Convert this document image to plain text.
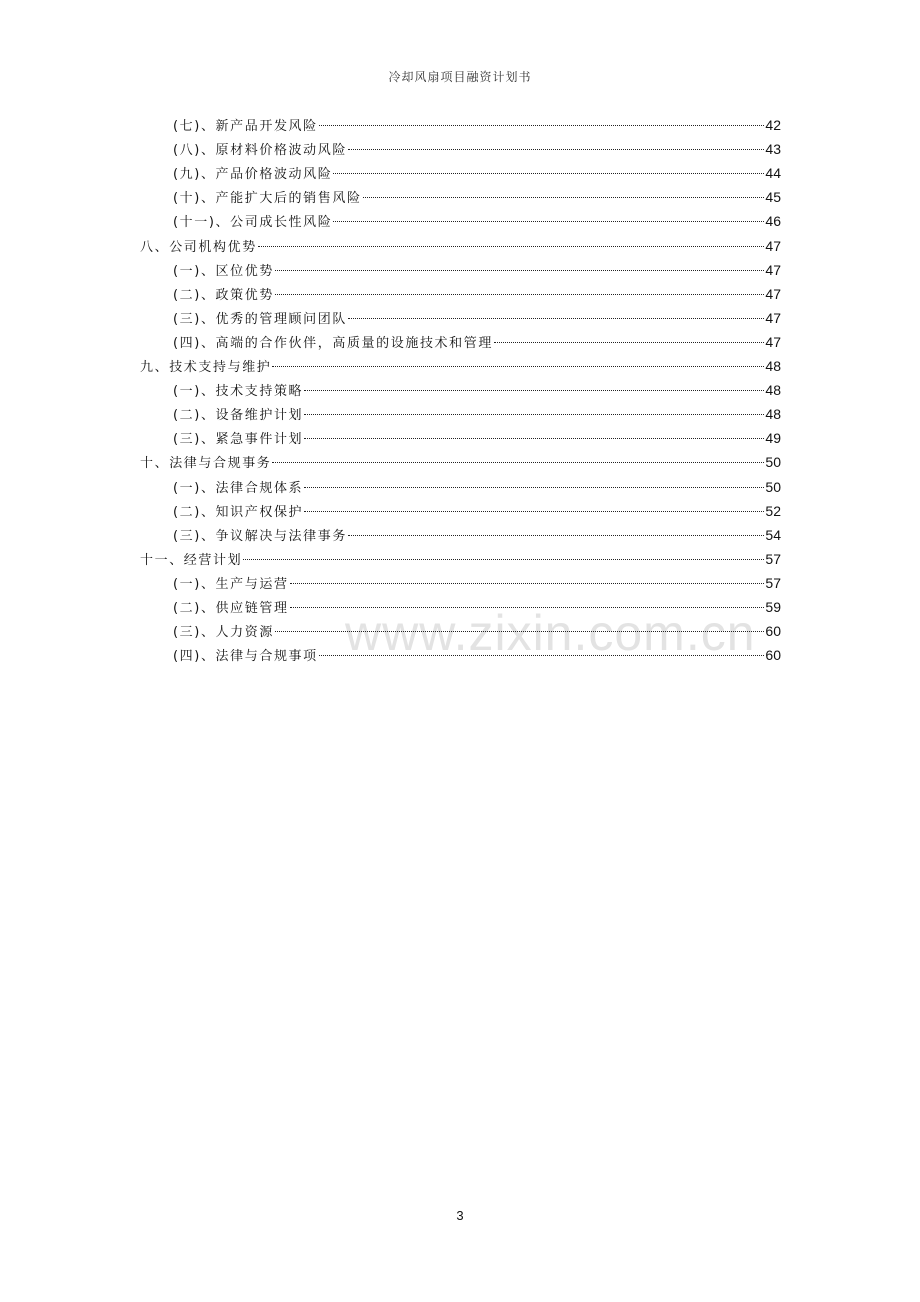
冷却风扇项目融资计划书
www.zixin.com.cn
(七)、新产品开发风险	42
(八)、原材料价格波动风险	43
(九)、产品价格波动风险	44
(十)、产能扩大后的销售风险	45
(十一)、公司成长性风险	46
八、公司机构优势	47
(一)、区位优势	47
(二)、政策优势	47
(三)、优秀的管理顾问团队	47
(四)、高端的合作伙伴，高质量的设施技术和管理	47
九、技术支持与维护	48
(一)、技术支持策略	48
(二)、设备维护计划	48
(三)、紧急事件计划	49
十、法律与合规事务	50
(一)、法律合规体系	50
(二)、知识产权保护	52
(三)、争议解决与法律事务	54
十一、经营计划	57
(一)、生产与运营	57
(二)、供应链管理	59
(三)、人力资源	60
(四)、法律与合规事项	60
3
